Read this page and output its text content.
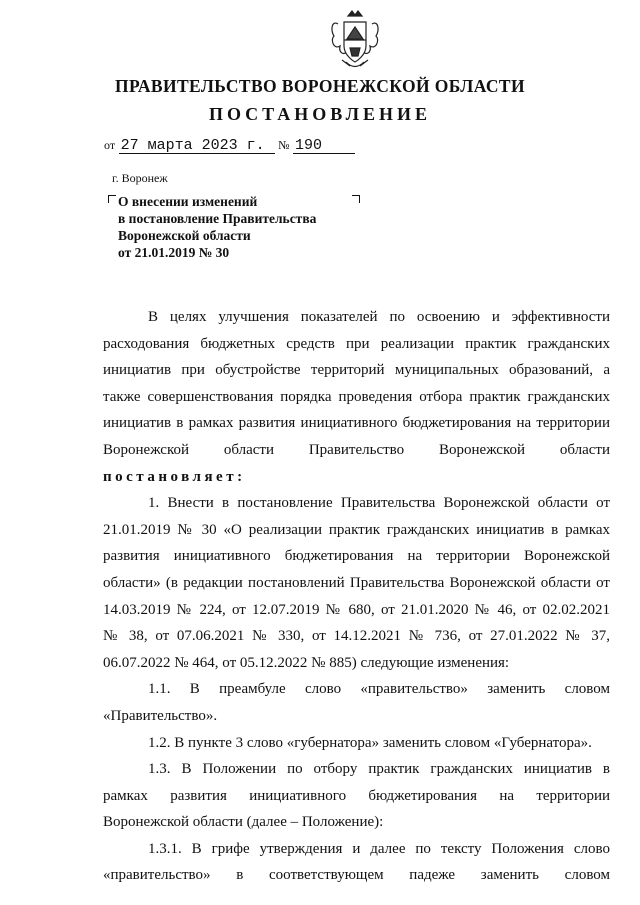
ПРАВИТЕЛЬСТВО ВОРОНЕЖСКОЙ ОБЛАСТИ
ПОСТАНОВЛЕНИЕ
от 27 марта 2023 г. № 190
г. Воронеж
О внесении изменений
в постановление Правительства
Воронежской области
от 21.01.2019 № 30
В целях улучшения показателей по освоению и эффективности
расходования бюджетных средств при реализации практик гражданских
инициатив при обустройстве территорий муниципальных образований, а
также совершенствования порядка проведения отбора практик гражданских
инициатив в рамках развития инициативного бюджетирования на территории
Воронежской области Правительство Воронежской области
постановляет:
1. Внести в постановление Правительства Воронежской области от
21.01.2019 № 30 «О реализации практик гражданских инициатив в рамках
развития инициативного бюджетирования на территории Воронежской
области» (в редакции постановлений Правительства Воронежской области от
14.03.2019 № 224, от 12.07.2019 № 680, от 21.01.2020 № 46, от 02.02.2021
№ 38, от 07.06.2021 № 330, от 14.12.2021 № 736, от 27.01.2022 № 37,
06.07.2022 № 464, от 05.12.2022 № 885) следующие изменения:
1.1. В преамбуле слово «правительство» заменить словом
«Правительство».
1.2. В пункте 3 слово «губернатора» заменить словом «Губернатора».
1.3. В Положении по отбору практик гражданских инициатив в
рамках развития инициативного бюджетирования на территории
Воронежской области (далее – Положение):
1.3.1. В грифе утверждения и далее по тексту Положения слово
«правительство» в соответствующем падеже заменить словом
